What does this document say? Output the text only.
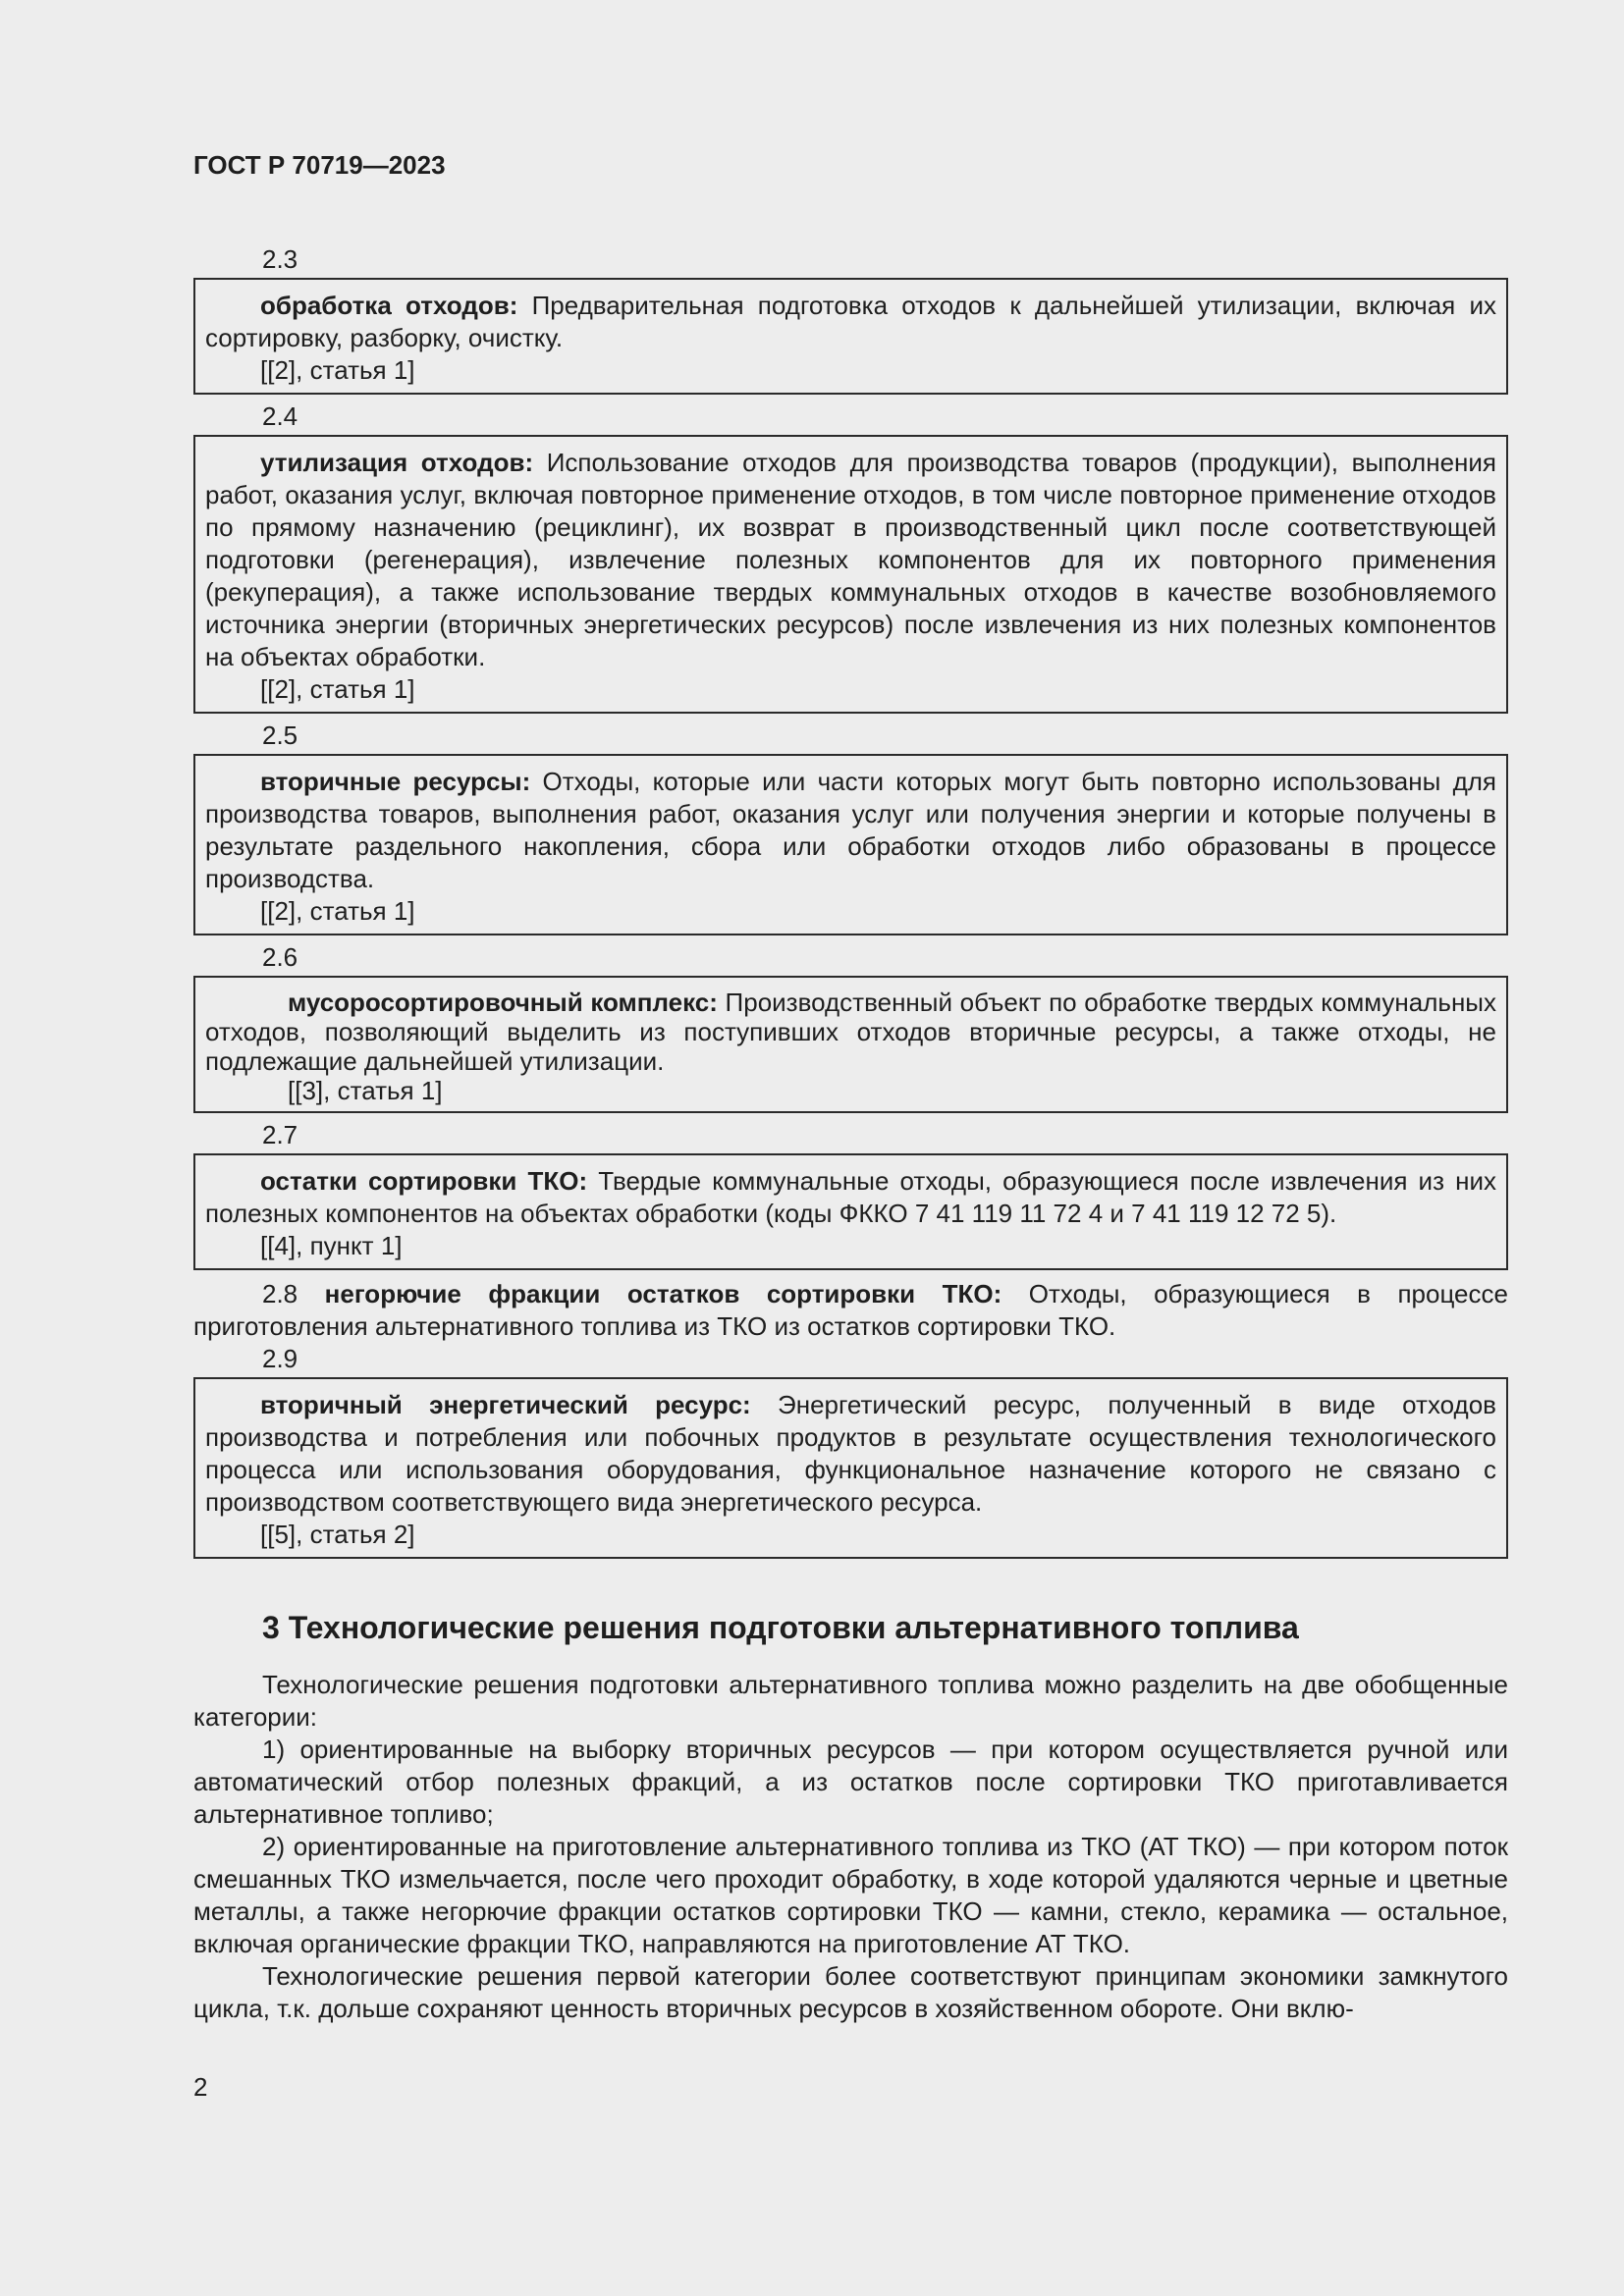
ГОСТ Р 70719—2023
2.3

обработка отходов: Предварительная подготовка отходов к дальнейшей утилизации, включая их сортировку, разборку, очистку.

[[2], статья 1]
2.4

утилизация отходов: Использование отходов для производства товаров (продукции), выполнения работ, оказания услуг, включая повторное применение отходов, в том числе повторное применение отходов по прямому назначению (рециклинг), их возврат в производственный цикл после соответствующей подготовки (регенерация), извлечение полезных компонентов для их повторного применения (рекуперация), а также использование твердых коммунальных отходов в качестве возобновляемого источника энергии (вторичных энергетических ресурсов) после извлечения из них полезных компонентов на объектах обработки.

[[2], статья 1]
2.5

вторичные ресурсы: Отходы, которые или части которых могут быть повторно использованы для производства товаров, выполнения работ, оказания услуг или получения энергии и которые получены в результате раздельного накопления, сбора или обработки отходов либо образованы в процессе производства.

[[2], статья 1]
2.6

мусоросортировочный комплекс: Производственный объект по обработке твердых коммунальных отходов, позволяющий выделить из поступивших отходов вторичные ресурсы, а также отходы, не подлежащие дальнейшей утилизации.

[[3], статья 1]
2.7

остатки сортировки ТКО: Твердые коммунальные отходы, образующиеся после извлечения из них полезных компонентов на объектах обработки (коды ФККО 7 41 119 11 72 4 и 7 41 119 12 72 5).

[[4], пункт 1]

2.8 негорючие фракции остатков сортировки ТКО: Отходы, образующиеся в процессе приготовления альтернативного топлива из ТКО из остатков сортировки ТКО.

2.9

вторичный энергетический ресурс: Энергетический ресурс, полученный в виде отходов производства и потребления или побочных продуктов в результате осуществления технологического процесса или использования оборудования, функциональное назначение которого не связано с производством соответствующего вида энергетического ресурса.

[[5], статья 2]
3 Технологические решения подготовки альтернативного топлива

Технологические решения подготовки альтернативного топлива можно разделить на две обобщенные категории:

1) ориентированные на выборку вторичных ресурсов — при котором осуществляется ручной или автоматический отбор полезных фракций, а из остатков после сортировки ТКО приготавливается альтернативное топливо;

2) ориентированные на приготовление альтернативного топлива из ТКО (АТ ТКО) — при котором поток смешанных ТКО измельчается, после чего проходит обработку, в ходе которой удаляются черные и цветные металлы, а также негорючие фракции остатков сортировки ТКО — камни, стекло, керамика — остальное, включая органические фракции ТКО, направляются на приготовление АТ ТКО.

Технологические решения первой категории более соответствуют принципам экономики замкнутого цикла, т.к. дольше сохраняют ценность вторичных ресурсов в хозяйственном обороте. Они вклю-

2
